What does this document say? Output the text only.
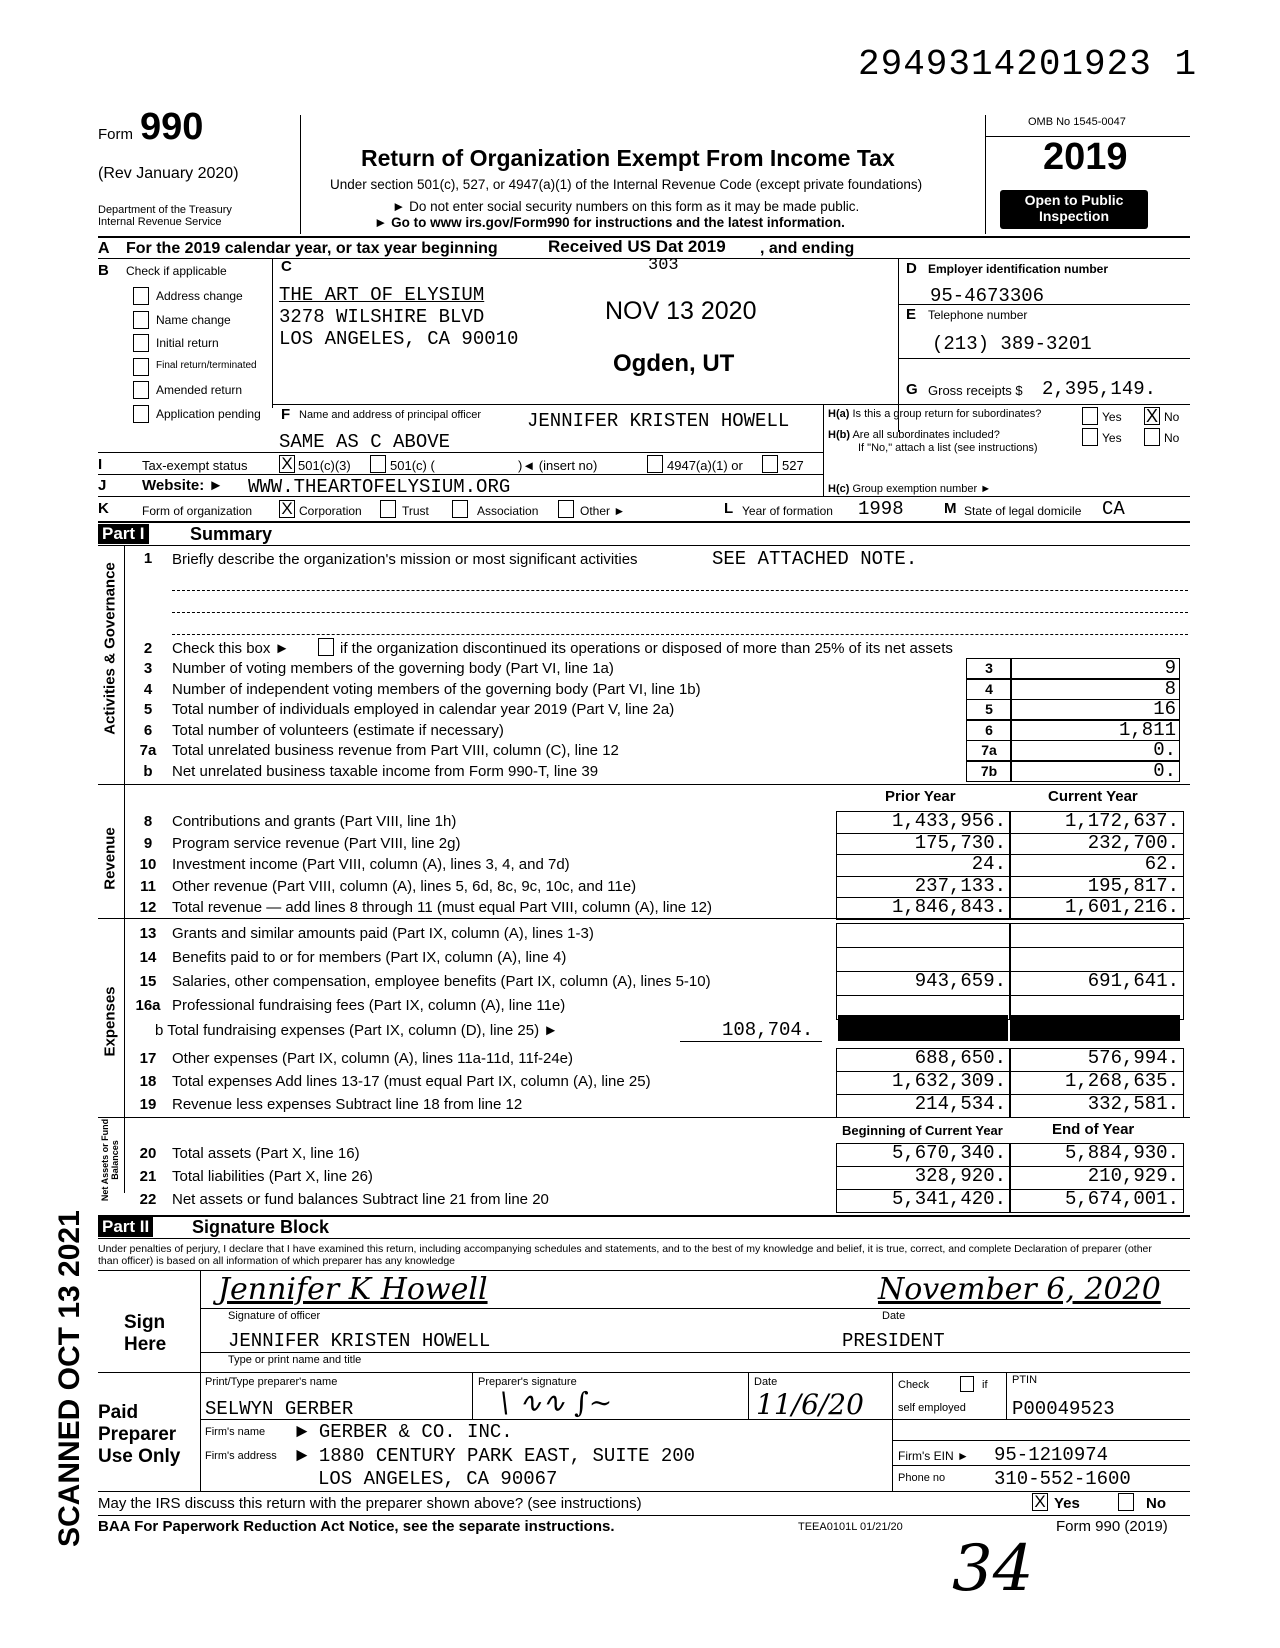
2949314201923 1
Form 990
(Rev January 2020)
Department of the Treasury
Internal Revenue Service
Return of Organization Exempt From Income Tax
Under section 501(c), 527, or 4947(a)(1) of the Internal Revenue Code (except private foundations)
► Do not enter social security numbers on this form as it may be made public.
► Go to www irs.gov/Form990 for instructions and the latest information.
OMB No 1545-0047
2019
Open to Public Inspection
A For the 2019 calendar year, or tax year beginning	Received US Dat 2019 , and ending
B Check if applicable
Address change
Name change
Initial return
Final return/terminated
Amended return
Application pending
C	303
THE ART OF ELYSIUM
3278 WILSHIRE BLVD
LOS ANGELES, CA 90010
NOV 13 2020
Ogden, UT
D Employer identification number
95-4673306
E Telephone number
(213) 389-3201
G Gross receipts $ 2,395,149.
F Name and address of principal officer JENNIFER KRISTEN HOWELL
SAME AS C ABOVE
H(a) Is this a group return for subordinates?	Yes X No
H(b) Are all subordinates included?
If "No," attach a list (see instructions)
Yes	No
H(c) Group exemption number ►
I	Tax-exempt status X 501(c)(3)	501(c) (	)◄ (insert no)	4947(a)(1) or	527
J Website: ► WWW.THEARTOFELYSIUM.ORG
K	Form of organization X Corporation	Trust	Association	Other ►	L Year of formation 1998	M State of legal domicile CA
Part I	Summary
Activities & Governance
Revenue
Expenses
Net Assets or Fund Balances
1	Briefly describe the organization's mission or most significant activities	SEE ATTACHED NOTE.
2	Check this box ►	if the organization discontinued its operations or disposed of more than 25% of its net assets
3	Number of voting members of the governing body (Part VI, line 1a)	3	9
4	Number of independent voting members of the governing body (Part VI, line 1b)	4	8
5	Total number of individuals employed in calendar year 2019 (Part V, line 2a)	5	16
6	Total number of volunteers (estimate if necessary)	6	1,811
7a	Total unrelated business revenue from Part VIII, column (C), line 12	7a	0.
b	Net unrelated business taxable income from Form 990-T, line 39	7b	0.
Prior Year	Current Year
8	Contributions and grants (Part VIII, line 1h)	1,433,956.	1,172,637.
9	Program service revenue (Part VIII, line 2g)	175,730.	232,700.
10	Investment income (Part VIII, column (A), lines 3, 4, and 7d)	24.	62.
11	Other revenue (Part VIII, column (A), lines 5, 6d, 8c, 9c, 10c, and 11e)	237,133.	195,817.
12	Total revenue — add lines 8 through 11 (must equal Part VIII, column (A), line 12)	1,846,843.	1,601,216.
13	Grants and similar amounts paid (Part IX, column (A), lines 1-3)
14	Benefits paid to or for members (Part IX, column (A), line 4)
15	Salaries, other compensation, employee benefits (Part IX, column (A), lines 5-10)	943,659.	691,641.
16a Professional fundraising fees (Part IX, column (A), line 11e)
b Total fundraising expenses (Part IX, column (D), line 25) ►	108,704.
17	Other expenses (Part IX, column (A), lines 11a-11d, 11f-24e)	688,650.	576,994.
18	Total expenses Add lines 13-17 (must equal Part IX, column (A), line 25)	1,632,309.	1,268,635.
19	Revenue less expenses Subtract line 18 from line 12	214,534.	332,581.
Beginning of Current Year	End of Year
20	Total assets (Part X, line 16)	5,670,340.	5,884,930.
21	Total liabilities (Part X, line 26)	328,920.	210,929.
22	Net assets or fund balances Subtract line 21 from line 20	5,341,420.	5,674,001.
Part II Signature Block
Under penalties of perjury, I declare that I have examined this return, including accompanying schedules and statements, and to the best of my knowledge and belief, it is true, correct, and complete Declaration of preparer (other than officer) is based on all information of which preparer has any knowledge
Sign
Here
Jennifer K Howell	November 6, 2020
Signature of officer	Date
JENNIFER KRISTEN HOWELL	PRESIDENT
Type or print name and title
Paid
Preparer
Use Only
Print/Type preparer's name	Preparer's signature	Date	Check	if
self employed
PTIN
SELWYN GERBER	\ ∿∿ ∫∼	11/6/20	P00049523
Firm's name ► GERBER & CO. INC.
Firm's address ► 1880 CENTURY PARK EAST, SUITE 200
LOS ANGELES, CA 90067
Firm's EIN ► 95-1210974
Phone no	310-552-1600
May the IRS discuss this return with the preparer shown above? (see instructions)	X Yes	No
BAA For Paperwork Reduction Act Notice, see the separate instructions.	TEEA0101L 01/21/20	Form 990 (2019)
34
SCANNED OCT 13 2021
